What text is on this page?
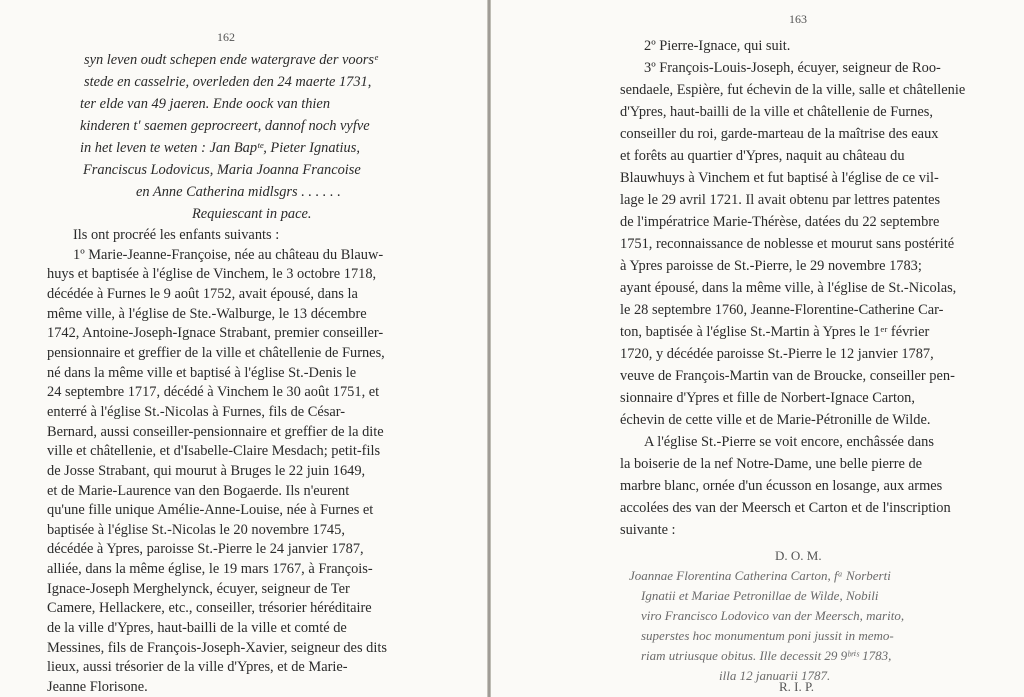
162
syn leven oudt schepen ende watergrave der voorsᵉ
stede en casselrie, overleden den 24 maerte 1731,
ter elde van 49 jaeren. Ende oock van thien
kinderen t' saemen geprocreert, dannof noch vyfve
in het leven te weten : Jan Bapᵗᵉ, Pieter Ignatius,
Franciscus Lodovicus, Maria Joanna Francoise
en Anne Catherina midlsgrs . . . . . .
Requiescant in pace.
Ils ont procréé les enfants suivants :
1º Marie-Jeanne-Françoise, née au château du Blauw-
huys et baptisée à l'église de Vinchem, le 3 octobre 1718,
décédée à Furnes le 9 août 1752, avait épousé, dans la
même ville, à l'église de Ste.-Walburge, le 13 décembre
1742, Antoine-Joseph-Ignace Strabant, premier conseiller-
pensionnaire et greffier de la ville et châtellenie de Furnes,
né dans la même ville et baptisé à l'église St.-Denis le
24 septembre 1717, décédé à Vinchem le 30 août 1751, et
enterré à l'église St.-Nicolas à Furnes, fils de César-
Bernard, aussi conseiller-pensionnaire et greffier de la dite
ville et châtellenie, et d'Isabelle-Claire Mesdach; petit-fils
de Josse Strabant, qui mourut à Bruges le 22 juin 1649,
et de Marie-Laurence van den Bogaerde. Ils n'eurent
qu'une fille unique Amélie-Anne-Louise, née à Furnes et
baptisée à l'église St.-Nicolas le 20 novembre 1745,
décédée à Ypres, paroisse St.-Pierre le 24 janvier 1787,
alliée, dans la même église, le 19 mars 1767, à François-
Ignace-Joseph Merghelynck, écuyer, seigneur de Ter
Camere, Hellackere, etc., conseiller, trésorier héréditaire
de la ville d'Ypres, haut-bailli de la ville et comté de
Messines, fils de François-Joseph-Xavier, seigneur des dits
lieux, aussi trésorier de la ville d'Ypres, et de Marie-
Jeanne Florisone.
163
2º Pierre-Ignace, qui suit.
3º François-Louis-Joseph, écuyer, seigneur de Roo-
sendaele, Espière, fut échevin de la ville, salle et châtellenie
d'Ypres, haut-bailli de la ville et châtellenie de Furnes,
conseiller du roi, garde-marteau de la maîtrise des eaux
et forêts au quartier d'Ypres, naquit au château du
Blauwhuys à Vinchem et fut baptisé à l'église de ce vil-
lage le 29 avril 1721. Il avait obtenu par lettres patentes
de l'impératrice Marie-Thérèse, datées du 22 septembre
1751, reconnaissance de noblesse et mourut sans postérité
à Ypres paroisse de St.-Pierre, le 29 novembre 1783;
ayant épousé, dans la même ville, à l'église de St.-Nicolas,
le 28 septembre 1760, Jeanne-Florentine-Catherine Car-
ton, baptisée à l'église St.-Martin à Ypres le 1ᵉʳ février
1720, y décédée paroisse St.-Pierre le 12 janvier 1787,
veuve de François-Martin van de Broucke, conseiller pen-
sionnaire d'Ypres et fille de Norbert-Ignace Carton,
échevin de cette ville et de Marie-Pétronille de Wilde.
A l'église St.-Pierre se voit encore, enchâssée dans
la boiserie de la nef Notre-Dame, une belle pierre de
marbre blanc, ornée d'un écusson en losange, aux armes
accolées des van der Meersch et Carton et de l'inscription
suivante :
D. O. M.
Joannae Florentina Catherina Carton, fᵃ Norberti
Ignatii et Mariae Petronillae de Wilde, Nobili
viro Francisco Lodovico van der Meersch, marito,
superstes hoc monumentum poni jussit in memo-
riam utriusque obitus. Ille decessit 29 9ᵇʳⁱˢ 1783,
illa 12 januarii 1787.
R. I. P.
